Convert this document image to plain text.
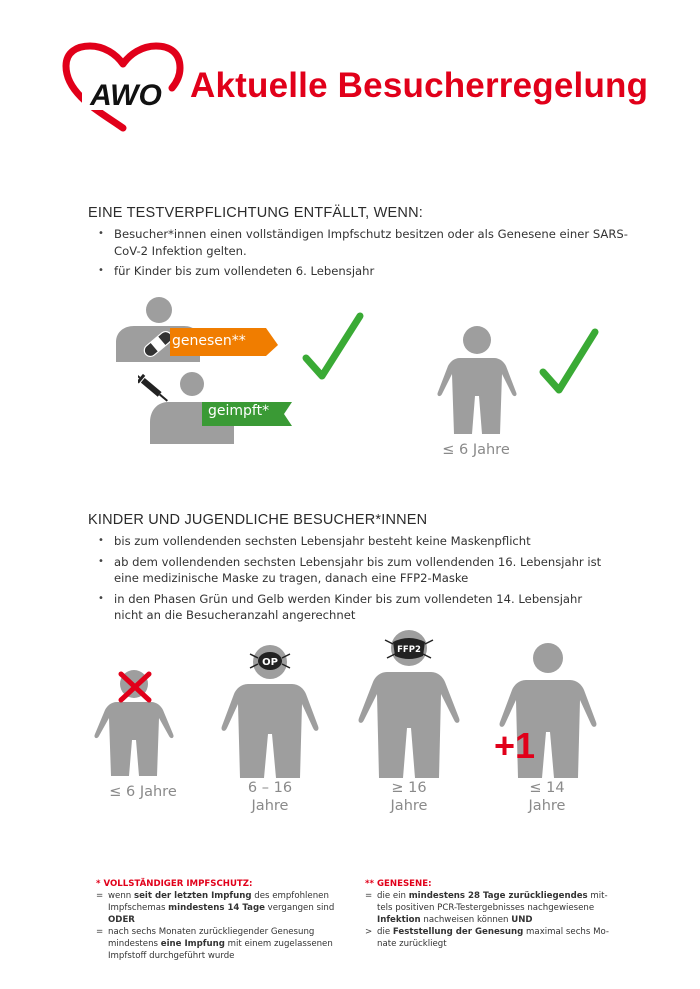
AWO Aktuelle Besucherregelung
EINE TESTVERPFLICHTUNG ENTFÄLLT, WENN:
• Besucher*innen einen vollständigen Impfschutz besitzen oder als Genesene einer SARS-CoV-2 Infektion gelten.
• für Kinder bis zum vollendeten 6. Lebensjahr
genesen**
geimpft*
≤ 6 Jahre
KINDER UND JUGENDLICHE BESUCHER*INNEN
• bis zum vollendenden sechsten Lebensjahr besteht keine Maskenpflicht
• ab dem vollendenden sechsten Lebensjahr bis zum vollendenden 16. Lebensjahr ist eine medizinische Maske zu tragen, danach eine FFP2-Maske
• in den Phasen Grün und Gelb werden Kinder bis zum vollendeten 14. Lebensjahr nicht an die Besucheranzahl angerechnet
≤ 6 Jahre
OP
6 – 16
Jahre
FFP2
≥ 16
Jahre
+1
≤ 14
Jahre
* VOLLSTÄNDIGER IMPFSCHUTZ:
= wenn seit der letzten Impfung des empfohlenen
Impfschemas mindestens 14 Tage vergangen sind
ODER
= nach sechs Monaten zurückliegender Genesung
mindestens eine Impfung mit einem zugelassenen
Impfstoff durchgeführt wurde
** GENESENE:
= die ein mindestens 28 Tage zurückliegendes mit-
tels positiven PCR-Testergebnisses nachgewiesene
Infektion nachweisen können UND
> die Feststellung der Genesung maximal sechs Mo-
nate zurückliegt
